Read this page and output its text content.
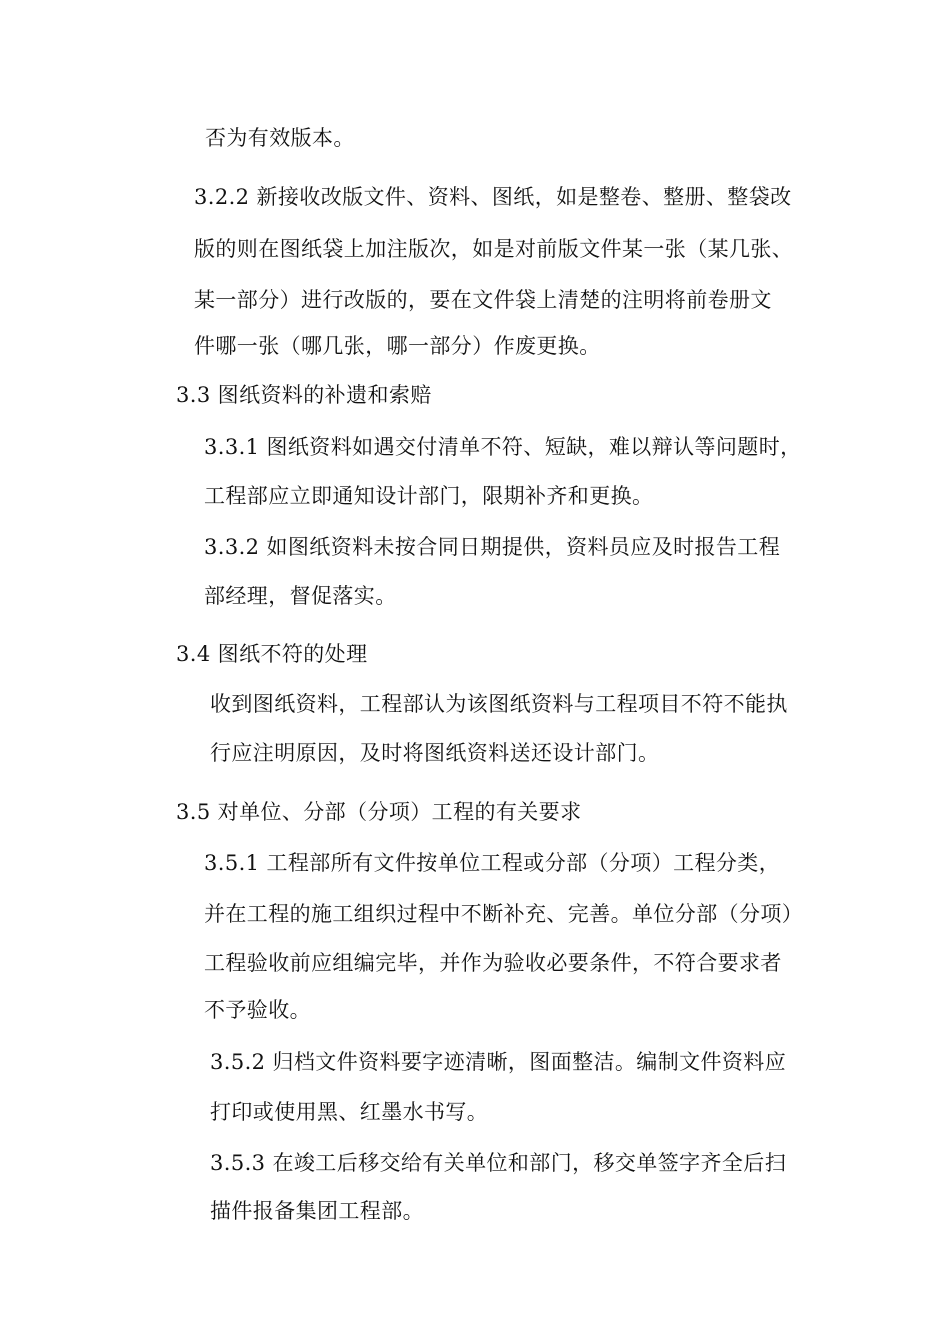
否为有效版本。
3.2.2 新接收改版文件、资料、图纸，如是整卷、整册、整袋改
版的则在图纸袋上加注版次，如是对前版文件某一张（某几张、
某一部分）进行改版的，要在文件袋上清楚的注明将前卷册文
件哪一张（哪几张，哪一部分）作废更换。
3.3 图纸资料的补遗和索赔
3.3.1 图纸资料如遇交付清单不符、短缺，难以辩认等问题时，
工程部应立即通知设计部门，限期补齐和更换。
3.3.2 如图纸资料未按合同日期提供，资料员应及时报告工程
部经理，督促落实。
3.4 图纸不符的处理
收到图纸资料，工程部认为该图纸资料与工程项目不符不能执
行应注明原因，及时将图纸资料送还设计部门。
3.5 对单位、分部（分项）工程的有关要求
3.5.1 工程部所有文件按单位工程或分部（分项）工程分类，
并在工程的施工组织过程中不断补充、完善。单位分部（分项）
工程验收前应组编完毕，并作为验收必要条件，不符合要求者
不予验收。
3.5.2 归档文件资料要字迹清晰，图面整洁。编制文件资料应
打印或使用黑、红墨水书写。
3.5.3 在竣工后移交给有关单位和部门，移交单签字齐全后扫
描件报备集团工程部。
